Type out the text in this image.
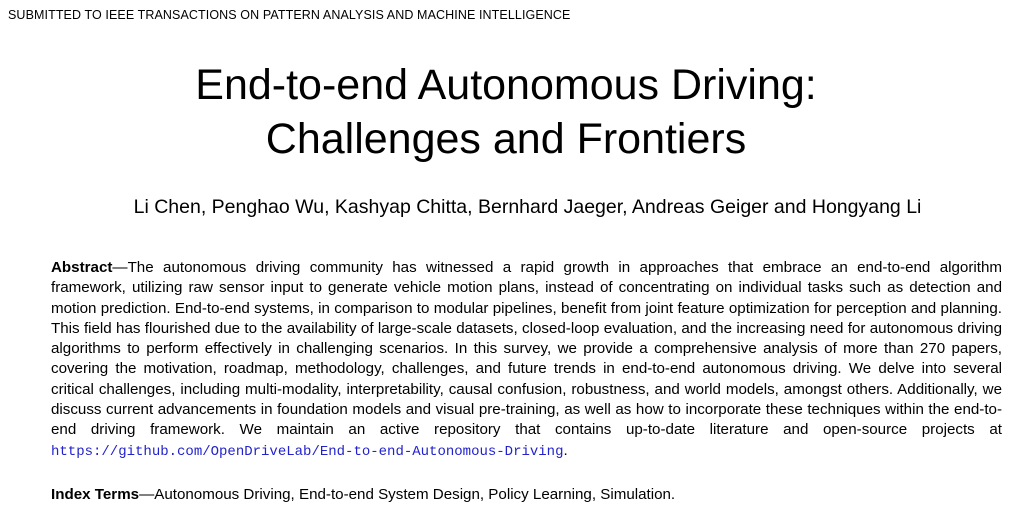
SUBMITTED TO IEEE TRANSACTIONS ON PATTERN ANALYSIS AND MACHINE INTELLIGENCE
End-to-end Autonomous Driving:
Challenges and Frontiers
Li Chen, Penghao Wu, Kashyap Chitta, Bernhard Jaeger, Andreas Geiger and Hongyang Li

Abstract—The autonomous driving community has witnessed a rapid growth in approaches that embrace an end-to-end algorithm framework, utilizing raw sensor input to generate vehicle motion plans, instead of concentrating on individual tasks such as detection and motion prediction. End-to-end systems, in comparison to modular pipelines, benefit from joint feature optimization for perception and planning. This field has flourished due to the availability of large-scale datasets, closed-loop evaluation, and the increasing need for autonomous driving algorithms to perform effectively in challenging scenarios. In this survey, we provide a comprehensive analysis of more than 270 papers, covering the motivation, roadmap, methodology, challenges, and future trends in end-to-end autonomous driving. We delve into several critical challenges, including multi-modality, interpretability, causal confusion, robustness, and world models, amongst others. Additionally, we discuss current advancements in foundation models and visual pre-training, as well as how to incorporate these techniques within the end-to-end driving framework. We maintain an active repository that contains up-to-date literature and open-source projects at https://github.com/OpenDriveLab/End-to-end-Autonomous-Driving.

Index Terms—Autonomous Driving, End-to-end System Design, Policy Learning, Simulation.
